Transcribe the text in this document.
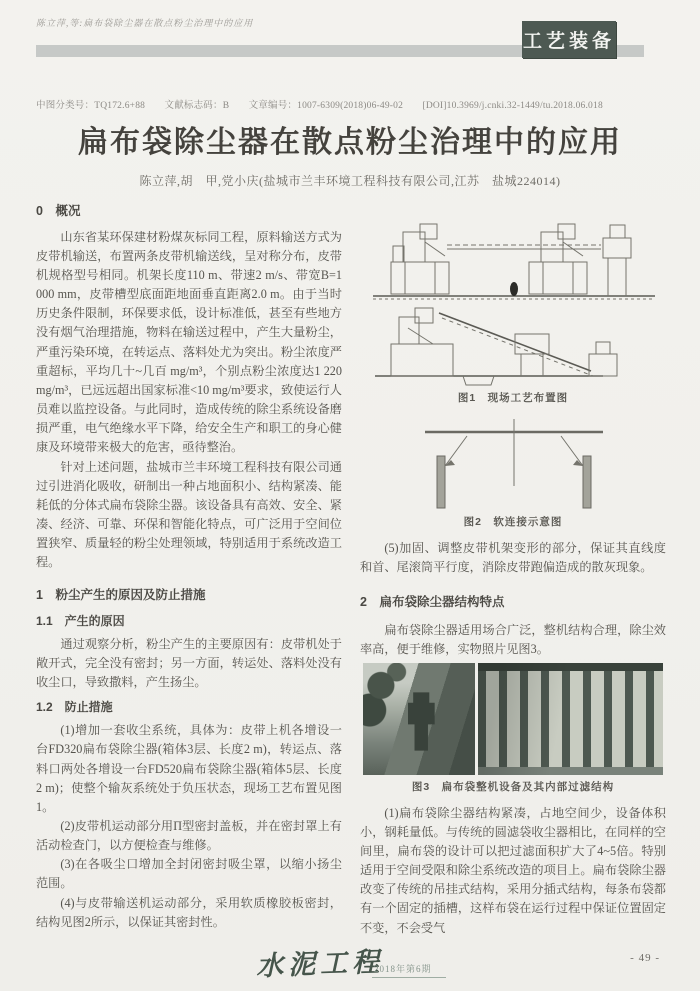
陈立萍,等:扁布袋除尘器在散点粉尘治理中的应用
工艺装备
中图分类号：TQ172.6+88　　文献标志码：B　　文章编号：1007-6309(2018)06-49-02　　[DOI]10.3969/j.cnki.32-1449/tu.2018.06.018
扁布袋除尘器在散点粉尘治理中的应用
陈立萍,胡　甲,党小庆(盐城市兰丰环境工程科技有限公司,江苏　盐城224014)
0　概况

山东省某环保建材粉煤灰标同工程，原料输送方式为皮带机输送，布置两条皮带机输送线，呈对称分布，皮带机规格型号相同。机架长度110 m、带速2 m/s、带宽B=1 000 mm，皮带槽型底面距地面垂直距离2.0 m。由于当时历史条件限制，环保要求低，设计标准低，甚至有些地方没有烟气治理措施，物料在输送过程中，产生大量粉尘，严重污染环境，在转运点、落料处尤为突出。粉尘浓度严重超标，平均几十~几百 mg/m³，个别点粉尘浓度达1 220 mg/m³，已远远超出国家标准<10 mg/m³要求，致使运行人员难以监控设备。与此同时，造成传统的除尘系统设备磨损严重，电气绝缘水平下降，给安全生产和职工的身心健康及环境带来极大的危害，亟待整治。

针对上述问题，盐城市兰丰环境工程科技有限公司通过引进消化吸收，研制出一种占地面积小、结构紧凑、能耗低的分体式扁布袋除尘器。该设备具有高效、安全、紧凑、经济、可靠、环保和智能化特点，可广泛用于空间位置狭窄、质量轻的粉尘处理领域，特别适用于系统改造工程。

1　粉尘产生的原因及防止措施
1.1　产生的原因

通过观察分析，粉尘产生的主要原因有：皮带机处于敞开式，完全没有密封；另一方面，转运处、落料处没有收尘口，导致撒料，产生扬尘。

1.2　防止措施

(1)增加一套收尘系统，具体为：皮带上机各增设一台FD320扁布袋除尘器(箱体3层、长度2 m)，转运点、落料口两处各增设一台FD520扁布袋除尘器(箱体5层、长度2 m)；使整个输灰系统处于负压状态，现场工艺布置见图1。

(2)皮带机运动部分用Π型密封盖板，并在密封罩上有活动检查门，以方便检查与维修。

(3)在各吸尘口增加全封闭密封吸尘罩，以缩小扬尘范围。

(4)与皮带输送机运动部分，采用软质橡胶板密封，结构见图2所示，以保证其密封性。

图1　现场工艺布置图
图2　软连接示意图

(5)加固、调整皮带机架变形的部分，保证其直线度和首、尾滚筒平行度，消除皮带跑偏造成的散灰现象。

2　扁布袋除尘器结构特点

扁布袋除尘器适用场合广泛，整机结构合理，除尘效率高，便于维修，实物照片见图3。

图3　扁布袋整机设备及其内部过滤结构

(1)扁布袋除尘器结构紧凑，占地空间少，设备体积小，钢耗量低。与传统的圆滤袋收尘器相比，在同样的空间里，扁布袋的设计可以把过滤面积扩大了4~5倍。特别适用于空间受限和除尘系统改造的项目上。扁布袋除尘器改变了传统的吊挂式结构，采用分插式结构，每条布袋都有一个固定的插槽，这样布袋在运行过程中保证位置固定不变，不会受气

水泥工程
2018年第6期
- 49 -
